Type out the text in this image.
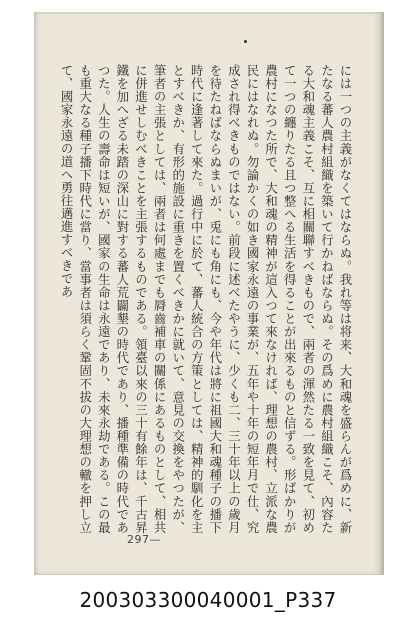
には一つの主義がなくてはならぬ。我れ等は将来、大和魂を盛らんが爲めに、新たなる蕃人農村組織を築いて行かねばならぬ。その爲めに農村組織こそ、內容たる大和魂主義こそ、互に相關聯すべきもので、兩者の渾然たる一致を見て、初めて一つの纏りたる且つ整へる生活を得ることが出來るものと信ずる。形ばかりが農村になつた所で、大和魂の精神が這入つて來なければ、理想の農村、立派な農民にはなれぬ。勿論かくの如き國家永遠の事業が、五年や十年の短年月で仕、究成され得べきものではない。前段に述べたやうに、少くも二、三十年以上の歲月を待たねばならぬまいが、兎にも角にも、今や年代は將に祖國大和魂種子の播下時代に逢著して來た。過行中に於て、蕃人統合の方策としては、精神的馴化を主とすべきか、有形的施設に重きを置くべきかに就いて、意見の交換をやつたが、筆者の主張としては、兩者は何處までも脣齒補車の關係にあるものとして、相共に併進せしむべきことを主張するものである。領臺以來の三十有餘年は、千古昇鐵を加へざる未踏の深山に對する蕃人荒闢墾の時代であり、播種準備の時代であつた。人生の壽命は短いが、國家の生命は永遠であり、未來永劫である。この最も重大なる種子播下時代に當り、當事者は須らく鞏固不拔の大理想の轍を押し立て、國家永遠の道へ勇往邁進すべきであ

297—
200303300040001_P337
